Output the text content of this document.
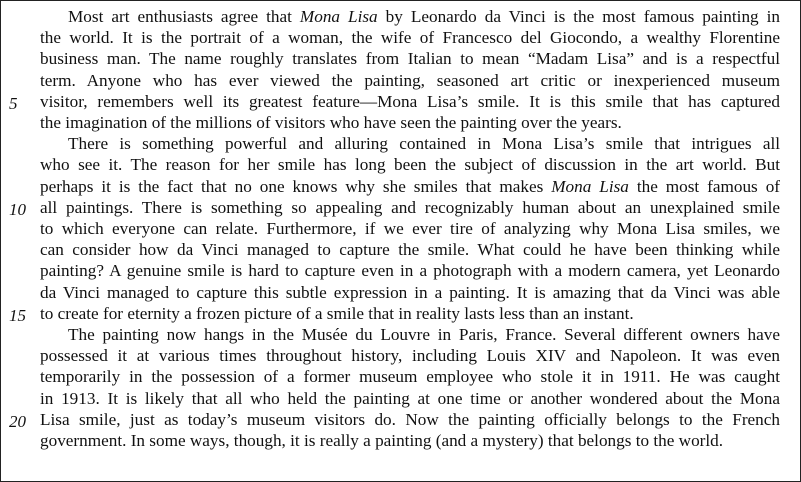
Most art enthusiasts agree that Mona Lisa by Leonardo da Vinci is the most famous painting in
the world. It is the portrait of a woman, the wife of Francesco del Giocondo, a wealthy Florentine
business man. The name roughly translates from Italian to mean “Madam Lisa” and is a respectful
term. Anyone who has ever viewed the painting, seasoned art critic or inexperienced museum
visitor, remembers well its greatest feature—Mona Lisa’s smile. It is this smile that has captured
the imagination of the millions of visitors who have seen the painting over the years.
There is something powerful and alluring contained in Mona Lisa’s smile that intrigues all
who see it. The reason for her smile has long been the subject of discussion in the art world. But
perhaps it is the fact that no one knows why she smiles that makes Mona Lisa the most famous of
all paintings. There is something so appealing and recognizably human about an unexplained smile
to which everyone can relate. Furthermore, if we ever tire of analyzing why Mona Lisa smiles, we
can consider how da Vinci managed to capture the smile. What could he have been thinking while
painting? A genuine smile is hard to capture even in a photograph with a modern camera, yet Leonardo
da Vinci managed to capture this subtle expression in a painting. It is amazing that da Vinci was able
to create for eternity a frozen picture of a smile that in reality lasts less than an instant.
The painting now hangs in the Musée du Louvre in Paris, France. Several different owners have
possessed it at various times throughout history, including Louis XIV and Napoleon. It was even
temporarily in the possession of a former museum employee who stole it in 1911. He was caught
in 1913. It is likely that all who held the painting at one time or another wondered about the Mona
Lisa smile, just as today’s museum visitors do. Now the painting officially belongs to the French
government. In some ways, though, it is really a painting (and a mystery) that belongs to the world.
5
10
15
20
